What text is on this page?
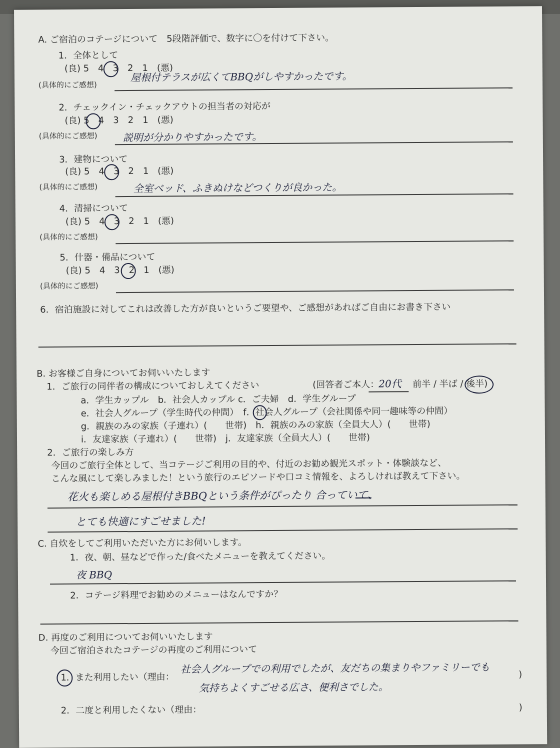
A. ご宿泊のコテージについて　5段階評価で、数字に〇を付けて下さい。
1．全体として
(良) 5　4　3　2　1　(悪)
(具体的にご感想)
屋根付テラスが広くてBBQがしやすかったです。
2．チェックイン・チェックアウトの担当者の対応が
(良) 5　4　3　2　1　(悪)
(具体的にご感想)	説明が分かりやすかったです。
3．建物について
(良) 5　4　3　2　1　(悪)
(具体的にご感想)	全室ベッド、ふきぬけなどつくりが良かった。
4．清掃について
(良) 5　4　3　2　1　(悪)
(具体的にご感想)
5．什器・備品について
(良) 5　4　3　2　1　(悪)
(具体的にご感想)
6．宿泊施設に対してこれは改善した方が良いというご要望や、ご感想があればご自由にお書き下さい
B. お客様ご自身についてお伺いいたします
1．ご旅行の同伴者の構成についておしえてください	(回答者ご本人： 20代 前半 / 半ば / 後半)
a．学生カップル　b．社会人カップル c．ご夫婦　d．学生グループ
e．社会人グループ（学生時代の仲間）　f．社会人グループ（会社関係や同一趣味等の仲間）
g．親族のみの家族（子連れ）(　　世帯)　h．親族のみの家族（全員大人）(　　世帯)
i．友達家族（子連れ）(　　世帯)　j．友達家族（全員大人）(　　世帯)
2．ご旅行の楽しみ方
今回のご旅行全体として、当コテージご利用の目的や、付近のお勧め観光スポット・体験談など、
こんな風にして楽しみました！という旅行のエピソードや口コミ情報を、よろしければ教えて下さい。
花火も楽しめる屋根付きBBQという条件がぴったり 合っていて、
とても快適にすごせました!
C. 自炊をしてご利用いただいた方にお伺いします。
1．夜、朝、昼などで作った/食べたメニューを教えてください。
夜 BBQ
2．コテージ料理でお勧めのメニューはなんですか？
D. 再度のご利用についてお伺いいたします
今回ご宿泊されたコテージの再度のご利用について
1．また利用したい（理由：
社会人グループでの利用でしたが、友だちの集まりやファミリーでも
気持ちよくすごせる広さ、便利さでした。
)
2．二度と利用したくない（理由：	)
